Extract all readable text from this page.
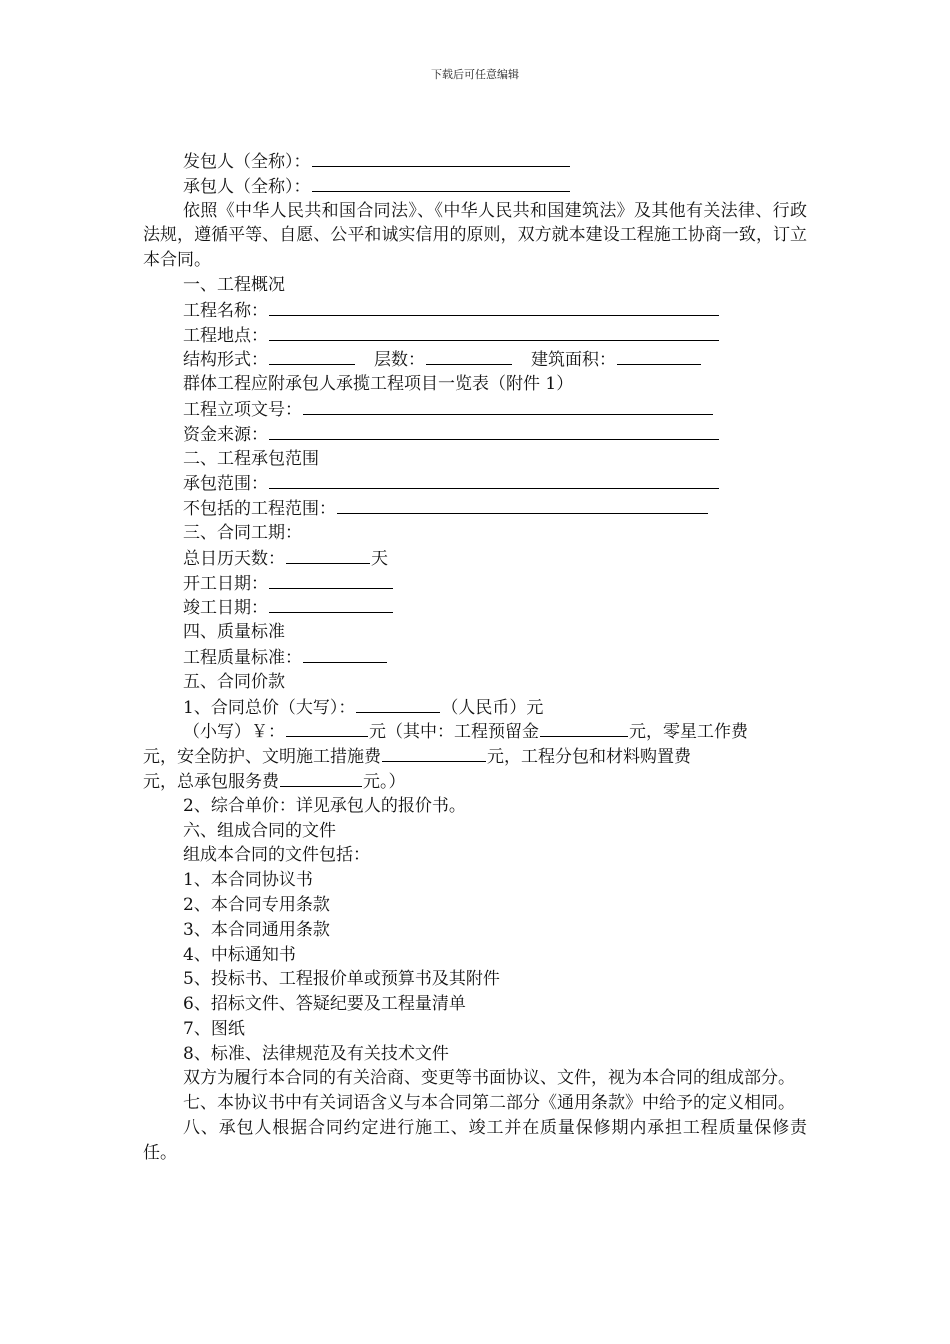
下载后可任意编辑
发包人（全称）：
承包人（全称）：
依照《中华人民共和国合同法》、《中华人民共和国建筑法》及其他有关法律、行政法规，遵循平等、自愿、公平和诚实信用的原则，双方就本建设工程施工协商一致，订立本合同。
一、工程概况
工程名称：
工程地点：
结构形式：	层数：	建筑面积：
群体工程应附承包人承揽工程项目一览表（附件 1）
工程立项文号：
资金来源：
二、工程承包范围
承包范围：
不包括的工程范围：
三、合同工期：
总日历天数：	天
开工日期：
竣工日期：
四、质量标准
工程质量标准：
五、合同价款
1、合同总价（大写）：	（人民币）元
（小写）￥：	元（其中：工程预留金	元，零星工作费
元，安全防护、文明施工措施费	元，工程分包和材料购置费
元，总承包服务费	元。）
2、综合单价：详见承包人的报价书。
六、组成合同的文件
组成本合同的文件包括：
1、本合同协议书
2、本合同专用条款
3、本合同通用条款
4、中标通知书
5、投标书、工程报价单或预算书及其附件
6、招标文件、答疑纪要及工程量清单
7、图纸
8、标准、法律规范及有关技术文件
双方为履行本合同的有关洽商、变更等书面协议、文件，视为本合同的组成部分。
七、本协议书中有关词语含义与本合同第二部分《通用条款》中给予的定义相同。
八、承包人根据合同约定进行施工、竣工并在质量保修期内承担工程质量保修责任。
